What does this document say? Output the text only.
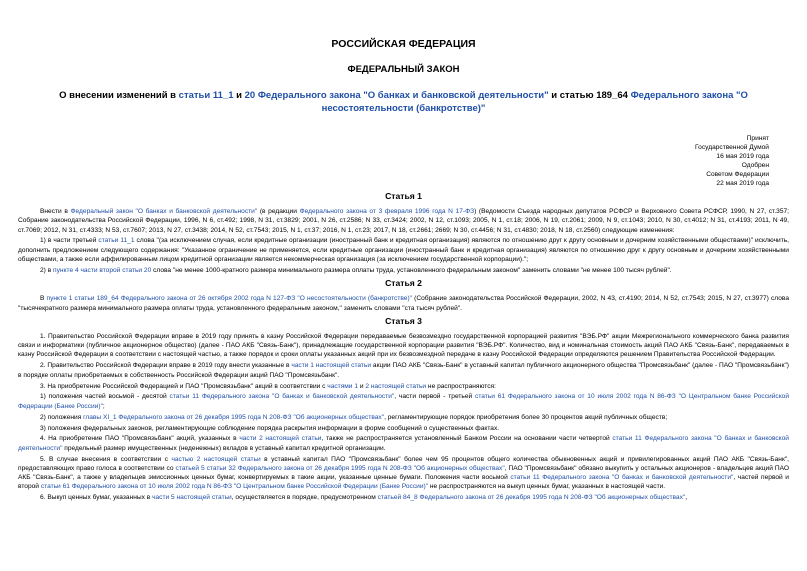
РОССИЙСКАЯ ФЕДЕРАЦИЯ
ФЕДЕРАЛЬНЫЙ ЗАКОН
О внесении изменений в статьи 11_1 и 20 Федерального закона "О банках и банковской деятельности" и статью 189_64 Федерального закона "О несостоятельности (банкротстве)"
Принят
Государственной Думой
16 мая 2019 года
Одобрен
Советом Федерации
22 мая 2019 года
Статья 1

Внести в Федеральный закон "О банках и банковской деятельности" (в редакции Федерального закона от 3 февраля 1996 года N 17-ФЗ) (Ведомости Съезда народных депутатов РСФСР и Верховного Совета РСФСР, 1990, N 27, ст.357; Собрание законодательства Российской Федерации, 1996, N 6, ст.492; 1998, N 31, ст.3829; 2001, N 26, ст.2586; N 33, ст.3424; 2002, N 12, ст.1093; 2005, N 1, ст.18; 2006, N 19, ст.2061; 2009, N 9, ст.1043; 2010, N 30, ст.4012; N 31, ст.4193; 2011, N 49, ст.7069; 2012, N 31, ст.4333; N 53, ст.7607; 2013, N 27, ст.3438; 2014, N 52, ст.7543; 2015, N 1, ст.37; 2016, N 1, ст.23; 2017, N 18, ст.2661; 2669; N 30, ст.4456; N 31, ст.4830; 2018, N 18, ст.2560) следующие изменения:

1) в части третьей статьи 11_1 слова "(за исключением случая, если кредитные организации (иностранный банк и кредитная организация) являются по отношению друг к другу основным и дочерним хозяйственными обществами)" исключить, дополнить предложением следующего содержания: "Указанное ограничение не применяется, если кредитные организации (иностранный банк и кредитная организация) являются по отношению друг к другу основным и дочерним хозяйственными обществами, а также если аффилированным лицом кредитной организации является некоммерческая организация (за исключением государственной корпорации).";

2) в пункте 4 части второй статьи 20 слова "не менее 1000-кратного размера минимального размера оплаты труда, установленного федеральным законом" заменить словами "не менее 100 тысяч рублей".

Статья 2

В пункте 1 статьи 189_64 Федерального закона от 26 октября 2002 года N 127-ФЗ "О несостоятельности (банкротстве)" (Собрание законодательства Российской Федерации, 2002, N 43, ст.4190; 2014, N 52, ст.7543; 2015, N 27, ст.3977) слова "тысячекратного размера минимального размера оплаты труда, установленного федеральным законом," заменить словами "ста тысяч рублей".

Статья 3

1. Правительство Российской Федерации вправе в 2019 году принять в казну Российской Федерации передаваемые безвозмездно государственной корпорацией развития "ВЭБ.РФ" акции Межрегионального коммерческого банка развития связи и информатики (публичное акционерное общество) (далее - ПАО АКБ "Связь-Банк"), принадлежащие государственной корпорации развития "ВЭБ.РФ". Количество, вид и номинальная стоимость акций ПАО АКБ "Связь-Банк", передаваемых в казну Российской Федерации в соответствии с настоящей частью, а также порядок и сроки оплаты указанных акций при их безвозмездной передаче в казну Российской Федерации определяются решением Правительства Российской Федерации.

2. Правительство Российской Федерации вправе в 2019 году внести указанные в части 1 настоящей статьи акции ПАО АКБ "Связь-Банк" в уставный капитал публичного акционерного общества "Промсвязьбанк" (далее - ПАО "Промсвязьбанк") в порядке оплаты приобретаемых в собственность Российской Федерации акций ПАО "Промсвязьбанк".

3. На приобретение Российской Федерацией и ПАО "Промсвязьбанк" акций в соответствии с частями 1 и 2 настоящей статьи не распространяются:

1) положения частей восьмой - десятой статьи 11 Федерального закона "О банках и банковской деятельности", части первой - третьей статьи 61 Федерального закона от 10 июля 2002 года N 86-ФЗ "О Центральном банке Российской Федерации (Банке России)";

2) положения главы XI_1 Федерального закона от 26 декабря 1995 года N 208-ФЗ "Об акционерных обществах", регламентирующие порядок приобретения более 30 процентов акций публичных обществ;

3) положения федеральных законов, регламентирующие соблюдение порядка раскрытия информации в форме сообщений о существенных фактах.

4. На приобретение ПАО "Промсвязьбанк" акций, указанных в части 2 настоящей статьи, также не распространяется установленный Банком России на основании части четвертой статьи 11 Федерального закона "О банках и банковской деятельности" предельный размер имущественных (неденежных) вкладов в уставный капитал кредитной организации.

5. В случае внесения в соответствии с частью 2 настоящей статьи в уставный капитал ПАО "Промсвязьбанк" более чем 95 процентов общего количества обыкновенных акций и привилегированных акций ПАО АКБ "Связь-Банк", предоставляющих право голоса в соответствии со статьей 5 статьи 32 Федерального закона от 26 декабря 1995 года N 208-ФЗ "Об акционерных обществах", ПАО "Промсвязьбанк" обязано выкупить у остальных акционеров - владельцев акций ПАО АКБ "Связь-Банк", а также у владельцев эмиссионных ценных бумаг, конвертируемых в такие акции, указанные ценные бумаги. Положения части восьмой статьи 11 Федерального закона "О банках и банковской деятельности", частей первой и второй статьи 61 Федерального закона от 10 июля 2002 года N 86-ФЗ "О Центральном банке Российской Федерации (Банке России)" не распространяются на выкуп ценных бумаг, указанных в настоящей части.

6. Выкуп ценных бумаг, указанных в части 5 настоящей статьи, осуществляется в порядке, предусмотренном статьей 84_8 Федерального закона от 26 декабря 1995 года N 208-ФЗ "Об акционерных обществах",
